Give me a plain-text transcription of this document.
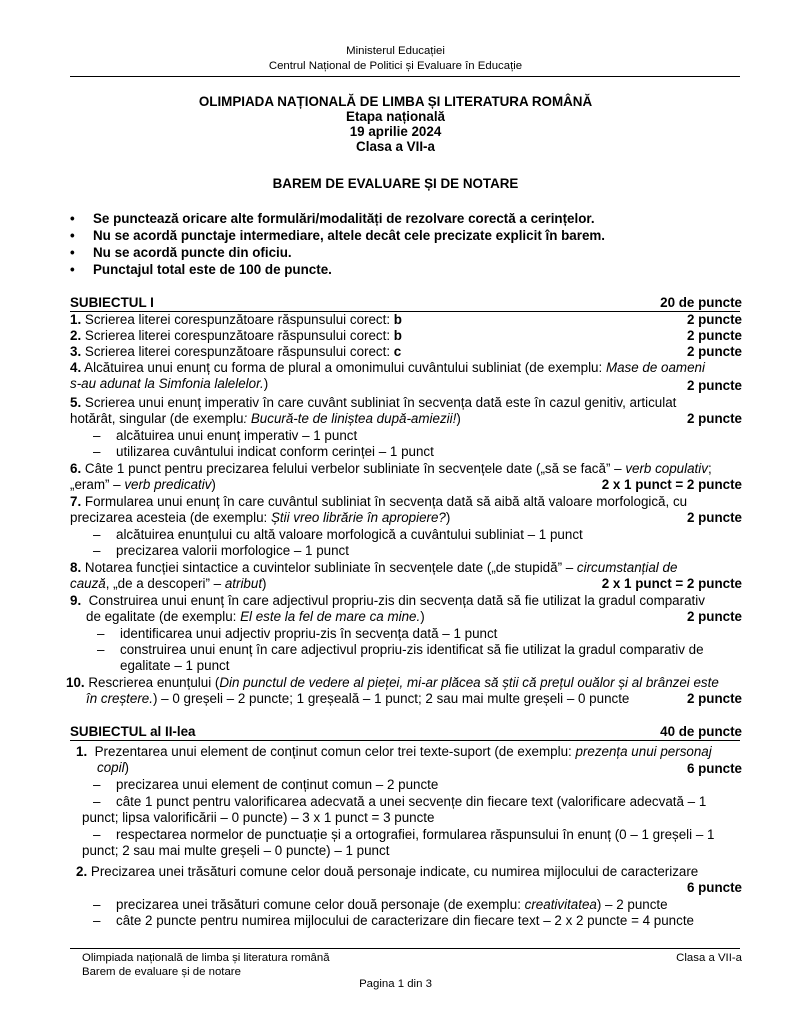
Ministerul Educației
Centrul Național de Politici și Evaluare în Educație
OLIMPIADA NAȚIONALĂ DE LIMBA ȘI LITERATURA ROMÂNĂ
Etapa națională
19 aprilie 2024
Clasa a VII-a
BAREM DE EVALUARE ȘI DE NOTARE
• Se punctează oricare alte formulări/modalități de rezolvare corectă a cerințelor.
• Nu se acordă punctaje intermediare, altele decât cele precizate explicit în barem.
• Nu se acordă puncte din oficiu.
• Punctajul total este de 100 de puncte.
SUBIECTUL I	20 de puncte
1. Scrierea literei corespunzătoare răspunsului corect: b	2 puncte
2. Scrierea literei corespunzătoare răspunsului corect: b	2 puncte
3. Scrierea literei corespunzătoare răspunsului corect: c	2 puncte
4. Alcătuirea unui enunț cu forma de plural a omonimului cuvântului subliniat (de exemplu: Mase de oameni
s-au adunat la Simfonia lalelelor.)	2 puncte
5. Scrierea unui enunț imperativ în care cuvânt subliniat în secvența dată este în cazul genitiv, articulat
hotărât, singular (de exemplu: Bucură-te de liniștea după-amiezii!)	2 puncte
– alcătuirea unui enunț imperativ – 1 punct
– utilizarea cuvântului indicat conform cerinței – 1 punct
6. Câte 1 punct pentru precizarea felului verbelor subliniate în secvențele date („să se facă” – verb copulativ;
„eram” – verb predicativ)	2 x 1 punct = 2 puncte
7. Formularea unui enunț în care cuvântul subliniat în secvența dată să aibă altă valoare morfologică, cu
precizarea acesteia (de exemplu: Știi vreo librărie în apropiere?)	2 puncte
– alcătuirea enunțului cu altă valoare morfologică a cuvântului subliniat – 1 punct
– precizarea valorii morfologice – 1 punct
8. Notarea funcției sintactice a cuvintelor subliniate în secvențele date („de stupidă” – circumstanțial de
cauză, „de a descoperi” – atribut)	2 x 1 punct = 2 puncte
9. Construirea unui enunț în care adjectivul propriu-zis din secvența dată să fie utilizat la gradul comparativ
de egalitate (de exemplu: El este la fel de mare ca mine.)	2 puncte
– identificarea unui adjectiv propriu-zis în secvența dată – 1 punct
– construirea unui enunț în care adjectivul propriu-zis identificat să fie utilizat la gradul comparativ de
egalitate – 1 punct
10. Rescrierea enunțului (Din punctul de vedere al pieței, mi-ar plăcea să știi că prețul ouălor și al brânzei este
în creștere.) – 0 greșeli – 2 puncte; 1 greșeală – 1 punct; 2 sau mai multe greșeli – 0 puncte	2 puncte
SUBIECTUL al II-lea	40 de puncte
1. Prezentarea unui element de conținut comun celor trei texte-suport (de exemplu: prezența unui personaj
copil)	6 puncte
– precizarea unui element de conținut comun – 2 puncte
– câte 1 punct pentru valorificarea adecvată a unei secvențe din fiecare text (valorificare adecvată – 1
punct; lipsa valorificării – 0 puncte) – 3 x 1 punct = 3 puncte
– respectarea normelor de punctuație și a ortografiei, formularea răspunsului în enunț (0 – 1 greșeli – 1
punct; 2 sau mai multe greșeli – 0 puncte) – 1 punct
2. Precizarea unei trăsături comune celor două personaje indicate, cu numirea mijlocului de caracterizare
6 puncte
– precizarea unei trăsături comune celor două personaje (de exemplu: creativitatea) – 2 puncte
– câte 2 puncte pentru numirea mijlocului de caracterizare din fiecare text – 2 x 2 puncte = 4 puncte
Olimpiada națională de limba și literatura română
Barem de evaluare și de notare
Clasa a VII-a
Pagina 1 din 3
